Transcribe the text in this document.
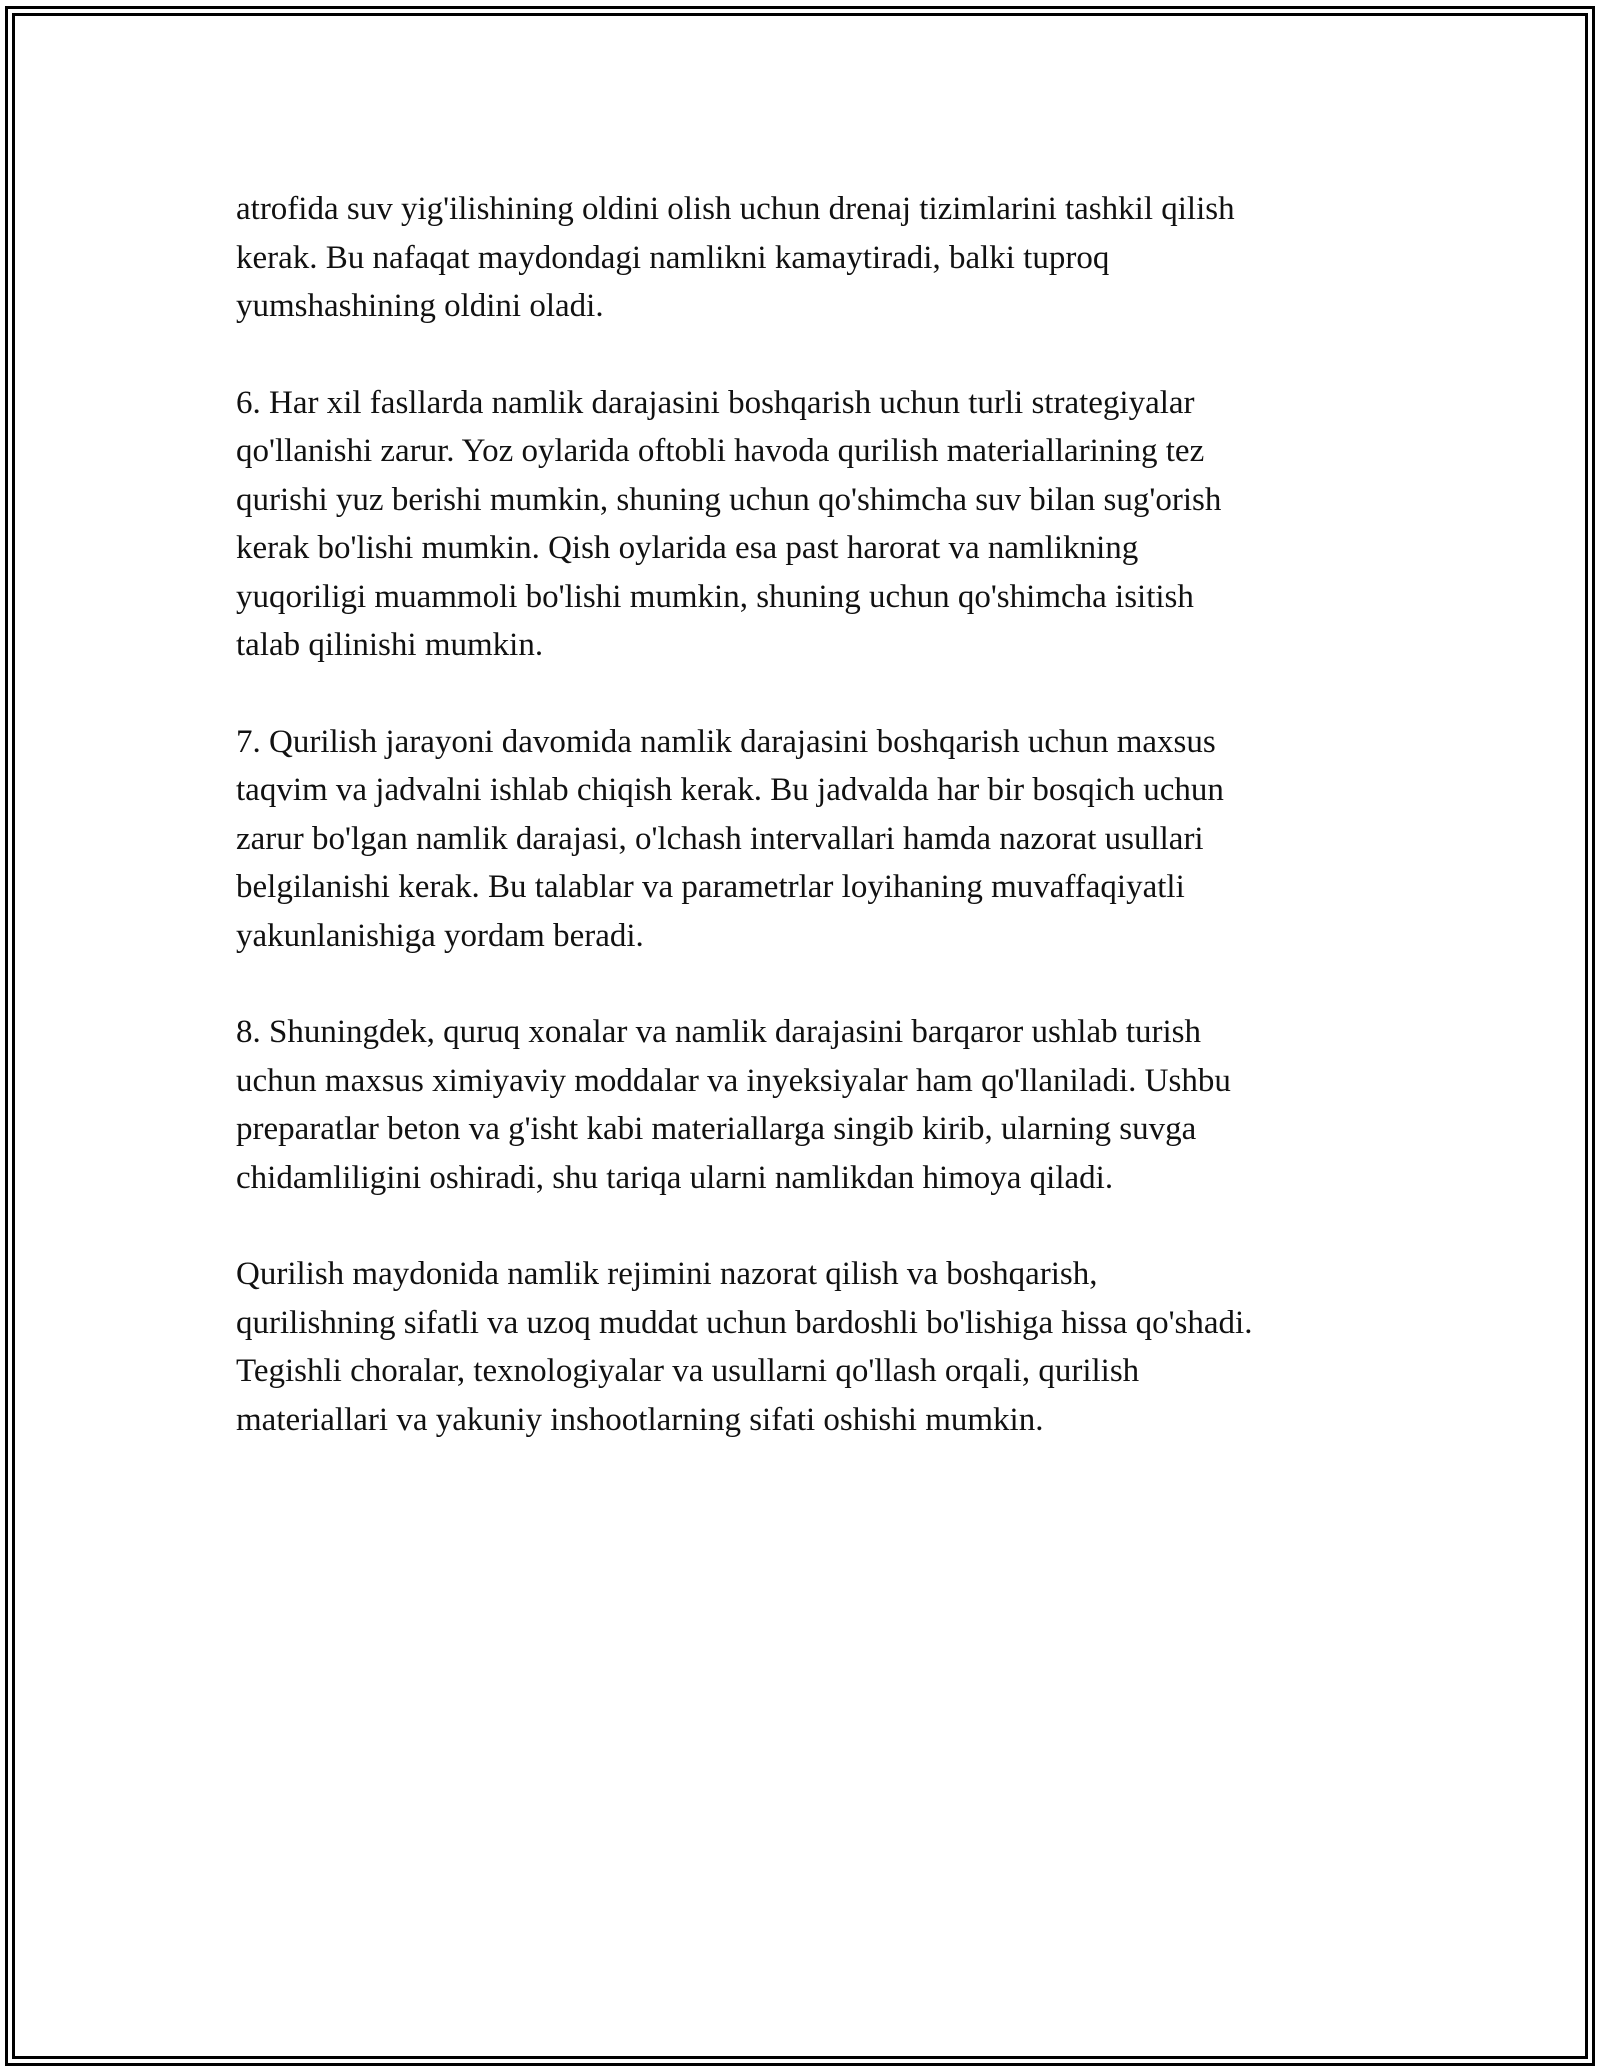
atrofida suv yig'ilishining oldini olish uchun drenaj tizimlarini tashkil qilish
kerak. Bu nafaqat maydondagi namlikni kamaytiradi, balki tuproq
yumshashining oldini oladi.

6. Har xil fasllarda namlik darajasini boshqarish uchun turli strategiyalar
qo'llanishi zarur. Yoz oylarida oftobli havoda qurilish materiallarining tez
qurishi yuz berishi mumkin, shuning uchun qo'shimcha suv bilan sug'orish
kerak bo'lishi mumkin. Qish oylarida esa past harorat va namlikning
yuqoriligi muammoli bo'lishi mumkin, shuning uchun qo'shimcha isitish
talab qilinishi mumkin.

7. Qurilish jarayoni davomida namlik darajasini boshqarish uchun maxsus
taqvim va jadvalni ishlab chiqish kerak. Bu jadvalda har bir bosqich uchun
zarur bo'lgan namlik darajasi, o'lchash intervallari hamda nazorat usullari
belgilanishi kerak. Bu talablar va parametrlar loyihaning muvaffaqiyatli
yakunlanishiga yordam beradi.

8. Shuningdek, quruq xonalar va namlik darajasini barqaror ushlab turish
uchun maxsus ximiyaviy moddalar va inyeksiyalar ham qo'llaniladi. Ushbu
preparatlar beton va g'isht kabi materiallarga singib kirib, ularning suvga
chidamliligini oshiradi, shu tariqa ularni namlikdan himoya qiladi.

Qurilish maydonida namlik rejimini nazorat qilish va boshqarish,
qurilishning sifatli va uzoq muddat uchun bardoshli bo'lishiga hissa qo'shadi.
Tegishli choralar, texnologiyalar va usullarni qo'llash orqali, qurilish
materiallari va yakuniy inshootlarning sifati oshishi mumkin.
